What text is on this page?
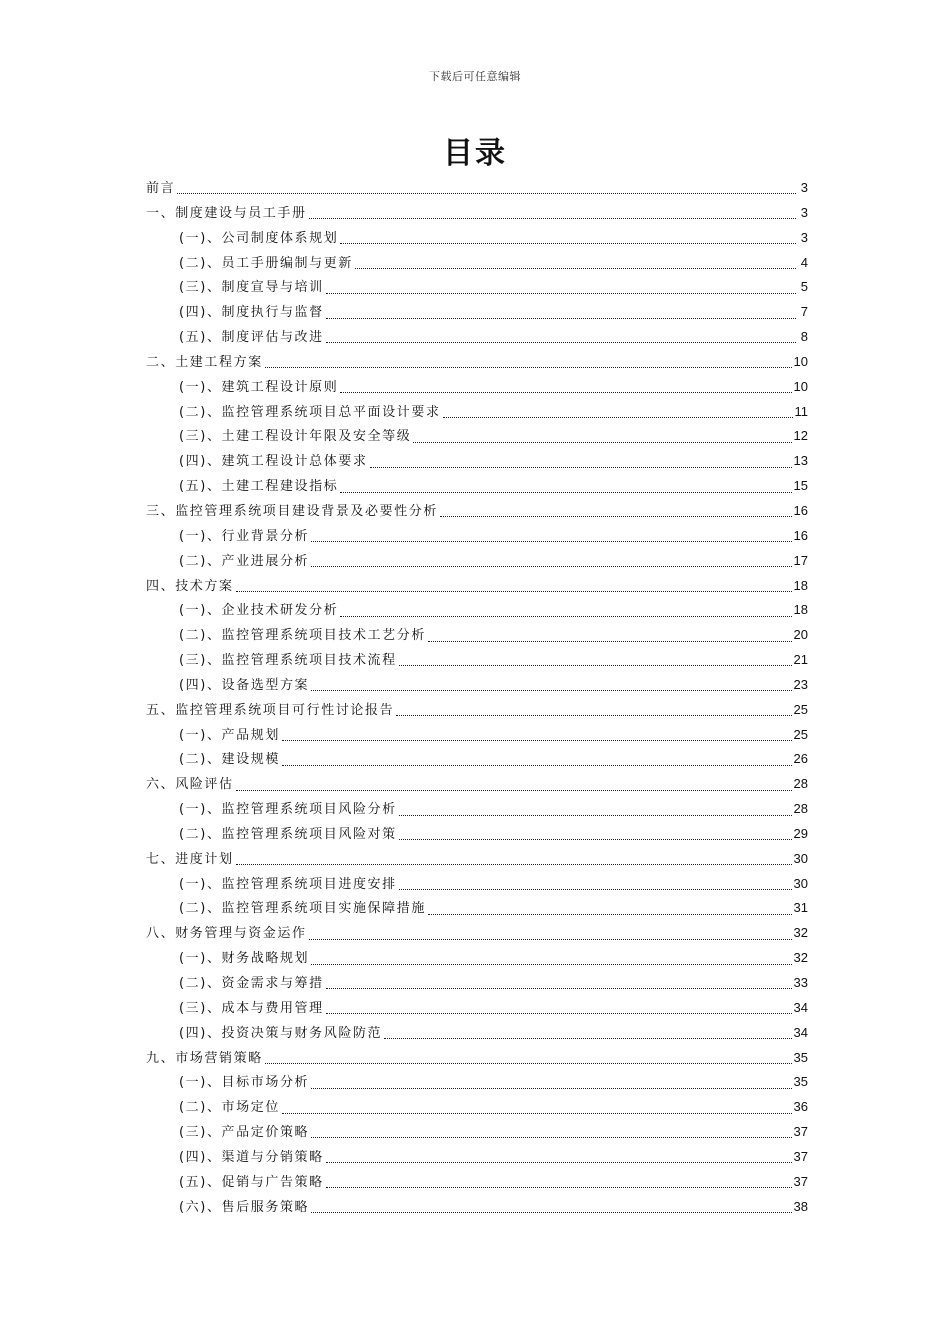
下载后可任意编辑
目录
前言	3
一、制度建设与员工手册	3
(一)、公司制度体系规划	3
(二)、员工手册编制与更新	4
(三)、制度宣导与培训	5
(四)、制度执行与监督	7
(五)、制度评估与改进	8
二、土建工程方案	10
(一)、建筑工程设计原则	10
(二)、监控管理系统项目总平面设计要求	11
(三)、土建工程设计年限及安全等级	12
(四)、建筑工程设计总体要求	13
(五)、土建工程建设指标	15
三、监控管理系统项目建设背景及必要性分析	16
(一)、行业背景分析	16
(二)、产业进展分析	17
四、技术方案	18
(一)、企业技术研发分析	18
(二)、监控管理系统项目技术工艺分析	20
(三)、监控管理系统项目技术流程	21
(四)、设备选型方案	23
五、监控管理系统项目可行性讨论报告	25
(一)、产品规划	25
(二)、建设规模	26
六、风险评估	28
(一)、监控管理系统项目风险分析	28
(二)、监控管理系统项目风险对策	29
七、进度计划	30
(一)、监控管理系统项目进度安排	30
(二)、监控管理系统项目实施保障措施	31
八、财务管理与资金运作	32
(一)、财务战略规划	32
(二)、资金需求与筹措	33
(三)、成本与费用管理	34
(四)、投资决策与财务风险防范	34
九、市场营销策略	35
(一)、目标市场分析	35
(二)、市场定位	36
(三)、产品定价策略	37
(四)、渠道与分销策略	37
(五)、促销与广告策略	37
(六)、售后服务策略	38
